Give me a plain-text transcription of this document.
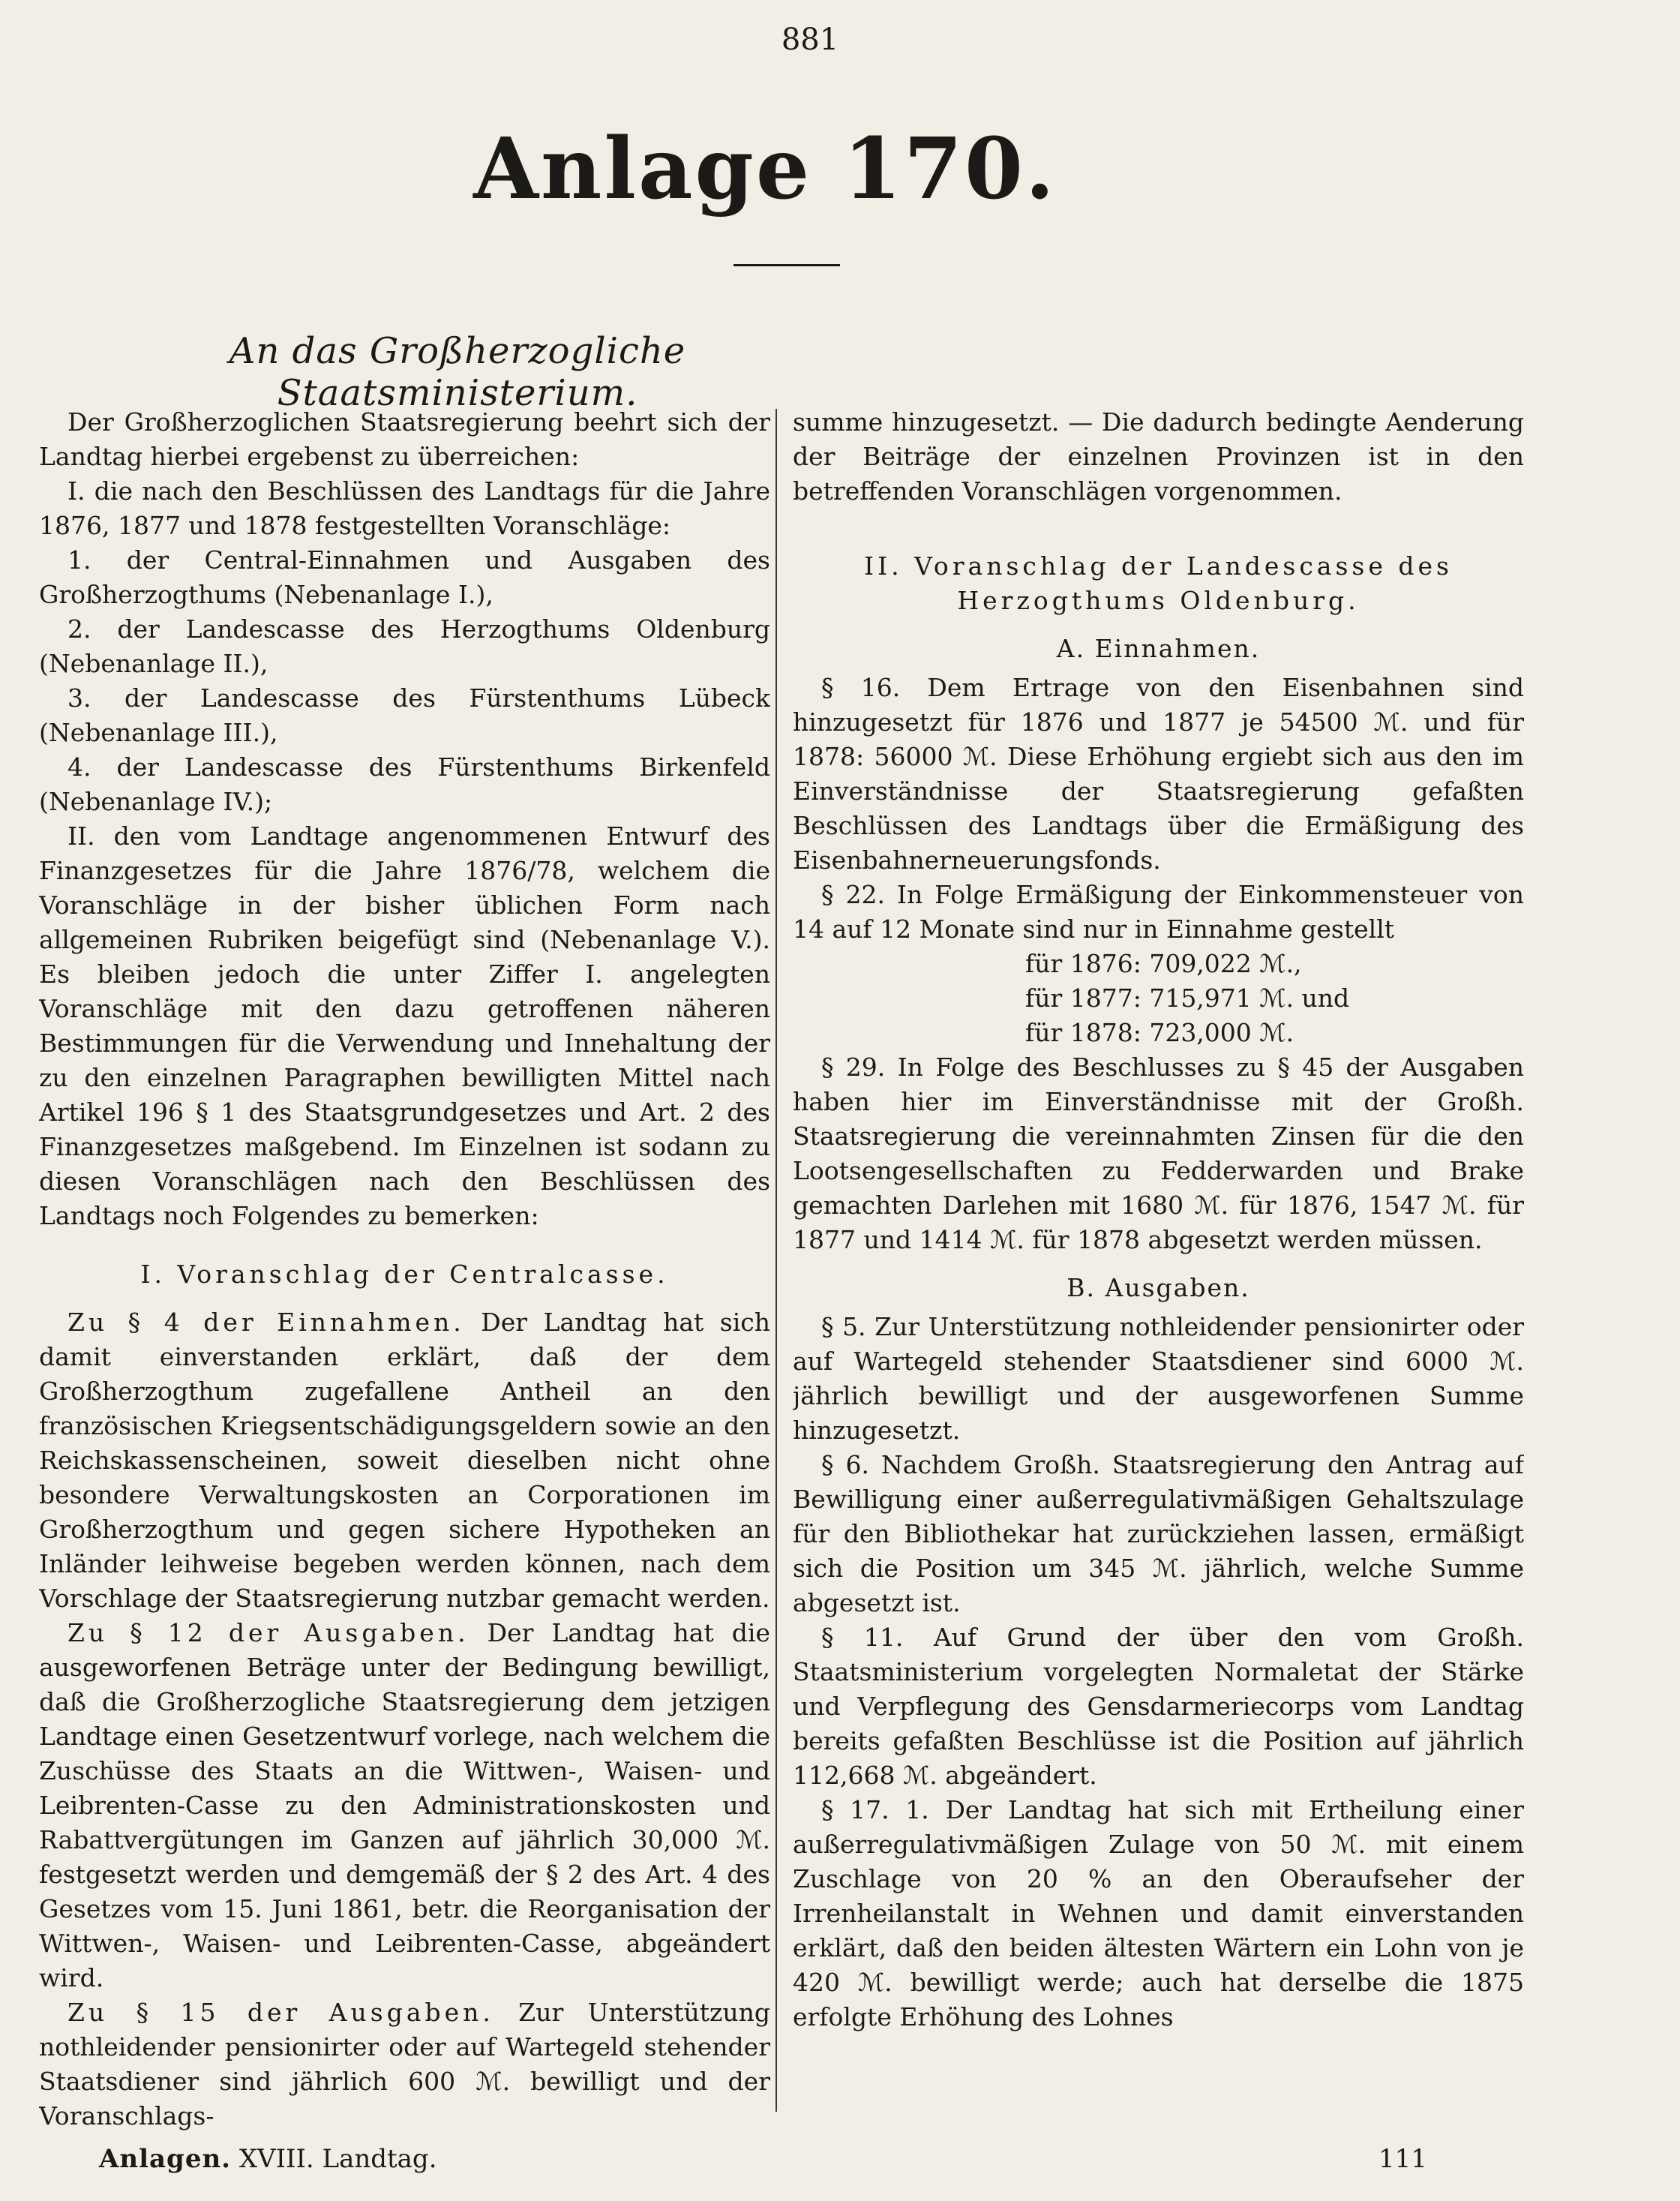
881
Anlage 170.
An das Großherzogliche Staatsministerium.

Der Großherzoglichen Staatsregierung beehrt sich der Landtag hierbei ergebenst zu überreichen:

I. die nach den Beschlüssen des Landtags für die Jahre 1876, 1877 und 1878 festgestellten Voranschläge:

1. der Central-Einnahmen und Ausgaben des Großherzogthums (Nebenanlage I.),

2. der Landescasse des Herzogthums Oldenburg (Nebenanlage II.),

3. der Landescasse des Fürstenthums Lübeck (Nebenanlage III.),

4. der Landescasse des Fürstenthums Birkenfeld (Nebenanlage IV.);

II. den vom Landtage angenommenen Entwurf des Finanzgesetzes für die Jahre 1876/78, welchem die Voranschläge in der bisher üblichen Form nach allgemeinen Rubriken beigefügt sind (Nebenanlage V.). Es bleiben jedoch die unter Ziffer I. angelegten Voranschläge mit den dazu getroffenen näheren Bestimmungen für die Verwendung und Innehaltung der zu den einzelnen Paragraphen bewilligten Mittel nach Artikel 196 § 1 des Staatsgrundgesetzes und Art. 2 des Finanzgesetzes maßgebend. Im Einzelnen ist sodann zu diesen Voranschlägen nach den Beschlüssen des Landtags noch Folgendes zu bemerken:

I. Voranschlag der Centralcasse.

Zu § 4 der Einnahmen. Der Landtag hat sich damit einverstanden erklärt, daß der dem Großherzogthum zugefallene Antheil an den französischen Kriegsentschädigungsgeldern sowie an den Reichskassenscheinen, soweit dieselben nicht ohne besondere Verwaltungskosten an Corporationen im Großherzogthum und gegen sichere Hypotheken an Inländer leihweise begeben werden können, nach dem Vorschlage der Staatsregierung nutzbar gemacht werden.

Zu § 12 der Ausgaben. Der Landtag hat die ausgeworfenen Beträge unter der Bedingung bewilligt, daß die Großherzogliche Staatsregierung dem jetzigen Landtage einen Gesetzentwurf vorlege, nach welchem die Zuschüsse des Staats an die Wittwen-, Waisen- und Leibrenten-Casse zu den Administrationskosten und Rabattvergütungen im Ganzen auf jährlich 30,000 ℳ. festgesetzt werden und demgemäß der § 2 des Art. 4 des Gesetzes vom 15. Juni 1861, betr. die Reorganisation der Wittwen-, Waisen- und Leibrenten-Casse, abgeändert wird.

Zu § 15 der Ausgaben. Zur Unterstützung nothleidender pensionirter oder auf Wartegeld stehender Staatsdiener sind jährlich 600 ℳ. bewilligt und der Voranschlags-

summe hinzugesetzt. — Die dadurch bedingte Aenderung der Beiträge der einzelnen Provinzen ist in den betreffenden Voranschlägen vorgenommen.

II. Voranschlag der Landescasse des Herzogthums Oldenburg.

A. Einnahmen.

§ 16. Dem Ertrage von den Eisenbahnen sind hinzugesetzt für 1876 und 1877 je 54500 ℳ. und für 1878: 56000 ℳ. Diese Erhöhung ergiebt sich aus den im Einverständnisse der Staatsregierung gefaßten Beschlüssen des Landtags über die Ermäßigung des Eisenbahnerneuerungsfonds.

§ 22. In Folge Ermäßigung der Einkommensteuer von 14 auf 12 Monate sind nur in Einnahme gestellt

für 1876: 709,022 ℳ.,

für 1877: 715,971 ℳ. und

für 1878: 723,000 ℳ.

§ 29. In Folge des Beschlusses zu § 45 der Ausgaben haben hier im Einverständnisse mit der Großh. Staatsregierung die vereinnahmten Zinsen für die den Lootsengesellschaften zu Fedderwarden und Brake gemachten Darlehen mit 1680 ℳ. für 1876, 1547 ℳ. für 1877 und 1414 ℳ. für 1878 abgesetzt werden müssen.

B. Ausgaben.

§ 5. Zur Unterstützung nothleidender pensionirter oder auf Wartegeld stehender Staatsdiener sind 6000 ℳ. jährlich bewilligt und der ausgeworfenen Summe hinzugesetzt.

§ 6. Nachdem Großh. Staatsregierung den Antrag auf Bewilligung einer außerregulativmäßigen Gehaltszulage für den Bibliothekar hat zurückziehen lassen, ermäßigt sich die Position um 345 ℳ. jährlich, welche Summe abgesetzt ist.

§ 11. Auf Grund der über den vom Großh. Staatsministerium vorgelegten Normaletat der Stärke und Verpflegung des Gensdarmeriecorps vom Landtag bereits gefaßten Beschlüsse ist die Position auf jährlich 112,668 ℳ. abgeändert.

§ 17. 1. Der Landtag hat sich mit Ertheilung einer außerregulativmäßigen Zulage von 50 ℳ. mit einem Zuschlage von 20 % an den Oberaufseher der Irrenheilanstalt in Wehnen und damit einverstanden erklärt, daß den beiden ältesten Wärtern ein Lohn von je 420 ℳ. bewilligt werde; auch hat derselbe die 1875 erfolgte Erhöhung des Lohnes

Anlagen. XVIII. Landtag.	111
